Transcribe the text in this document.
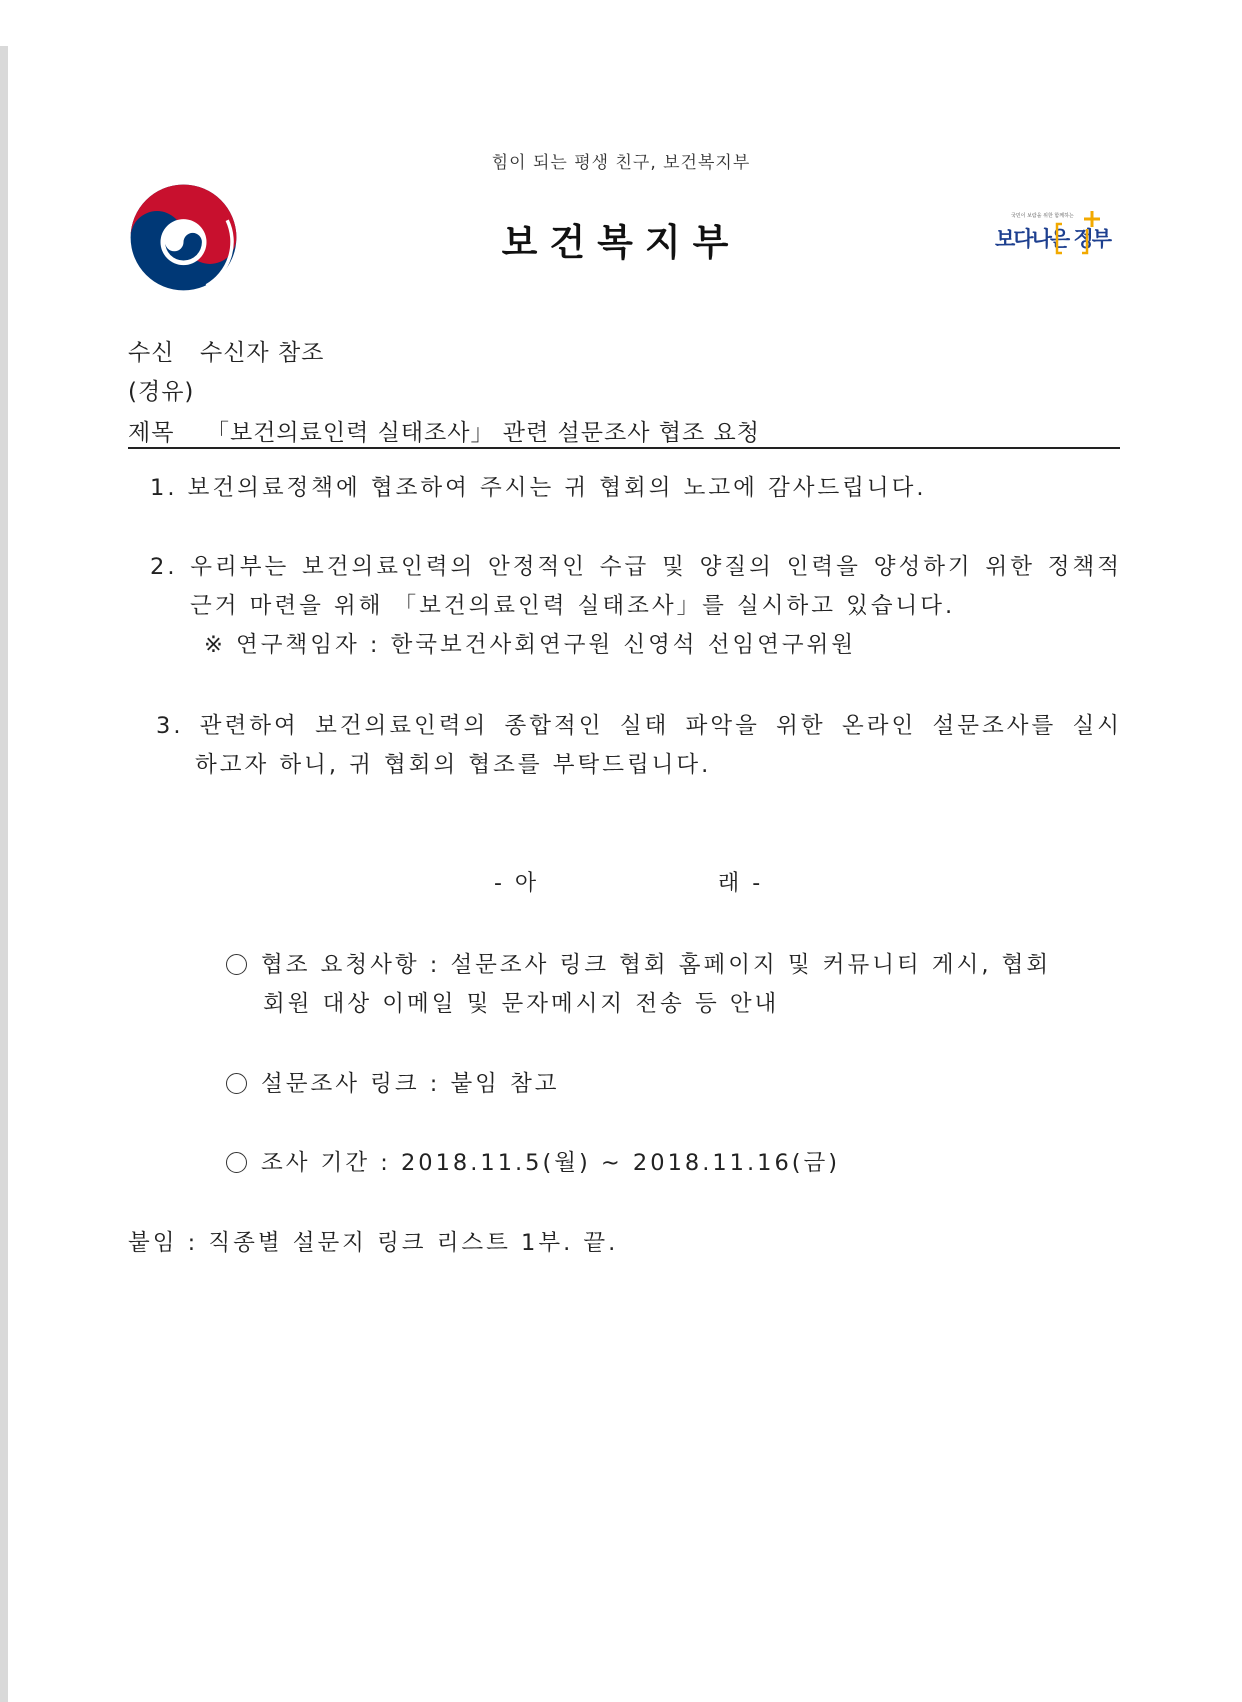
힘이 되는 평생 친구, 보건복지부
보건복지부
국민이 보람을 위한 함께하는
보다나은 정부
수신 수신자 참조
(경유)
제목 「보건의료인력 실태조사」 관련 설문조사 협조 요청
1. 보건의료정책에 협조하여 주시는 귀 협회의 노고에 감사드립니다.
2. 우리부는 보건의료인력의 안정적인 수급 및 양질의 인력을 양성하기 위한 정책적
근거 마련을 위해 「보건의료인력 실태조사」를 실시하고 있습니다.
※ 연구책임자 : 한국보건사회연구원 신영석 선임연구위원
3. 관련하여 보건의료인력의 종합적인 실태 파악을 위한 온라인 설문조사를 실시
하고자 하니, 귀 협회의 협조를 부탁드립니다.
- 아	래 -
협조 요청사항 : 설문조사 링크 협회 홈페이지 및 커뮤니티 게시, 협회
회원 대상 이메일 및 문자메시지 전송 등 안내
설문조사 링크 : 붙임 참고
조사 기간 : 2018.11.5(월) ~ 2018.11.16(금)
붙임 : 직종별 설문지 링크 리스트 1부. 끝.
